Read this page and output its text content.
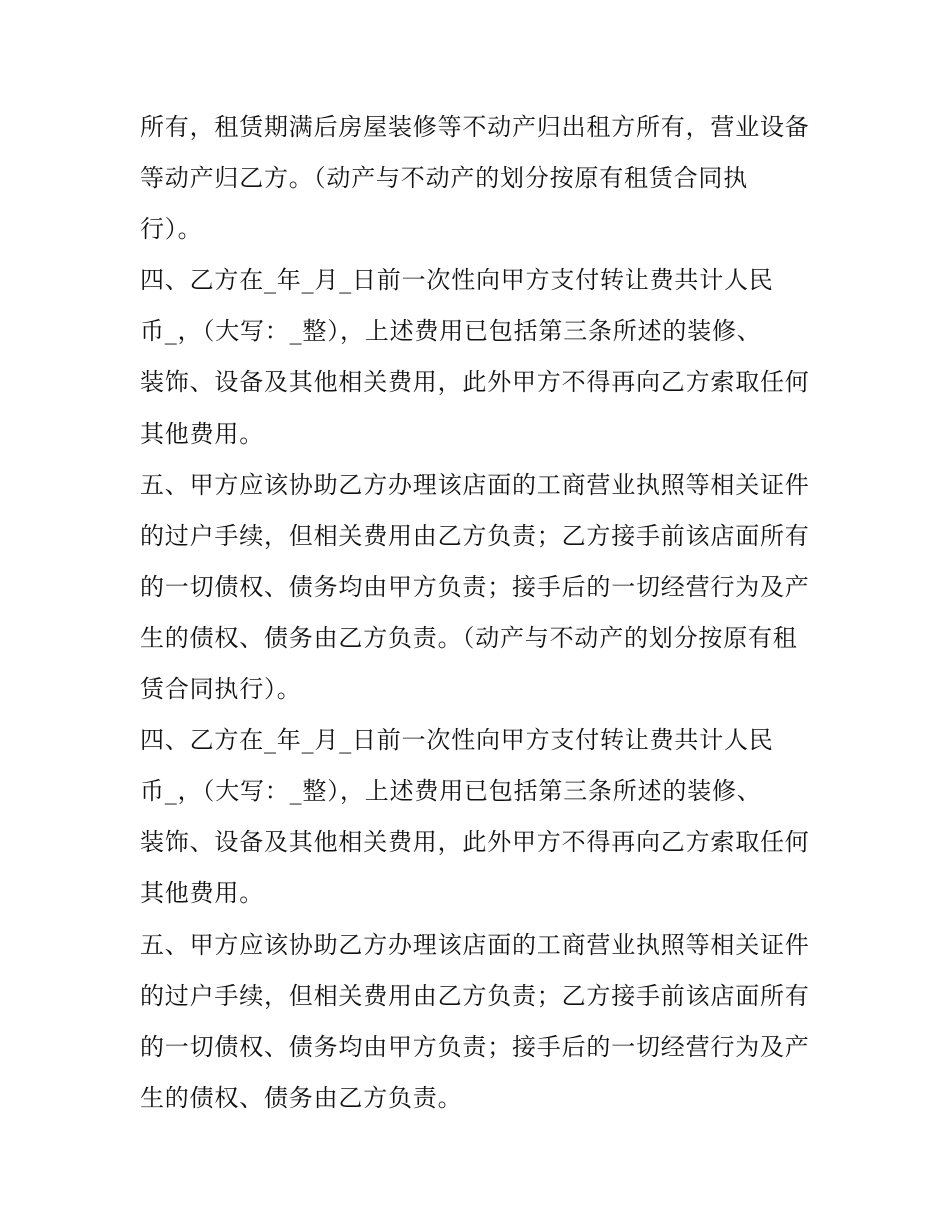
所有，租赁期满后房屋装修等不动产归出租方所有，营业设备
等动产归乙方。（动产与不动产的划分按原有租赁合同执
行）。
四、乙方在_年_月_日前一次性向甲方支付转让费共计人民
币_，（大写：_整），上述费用已包括第三条所述的装修、
装饰、设备及其他相关费用，此外甲方不得再向乙方索取任何
其他费用。
五、甲方应该协助乙方办理该店面的工商营业执照等相关证件
的过户手续，但相关费用由乙方负责；乙方接手前该店面所有
的一切债权、债务均由甲方负责；接手后的一切经营行为及产
生的债权、债务由乙方负责。（动产与不动产的划分按原有租
赁合同执行）。
四、乙方在_年_月_日前一次性向甲方支付转让费共计人民
币_，（大写：_整），上述费用已包括第三条所述的装修、
装饰、设备及其他相关费用，此外甲方不得再向乙方索取任何
其他费用。
五、甲方应该协助乙方办理该店面的工商营业执照等相关证件
的过户手续，但相关费用由乙方负责；乙方接手前该店面所有
的一切债权、债务均由甲方负责；接手后的一切经营行为及产
生的债权、债务由乙方负责。
